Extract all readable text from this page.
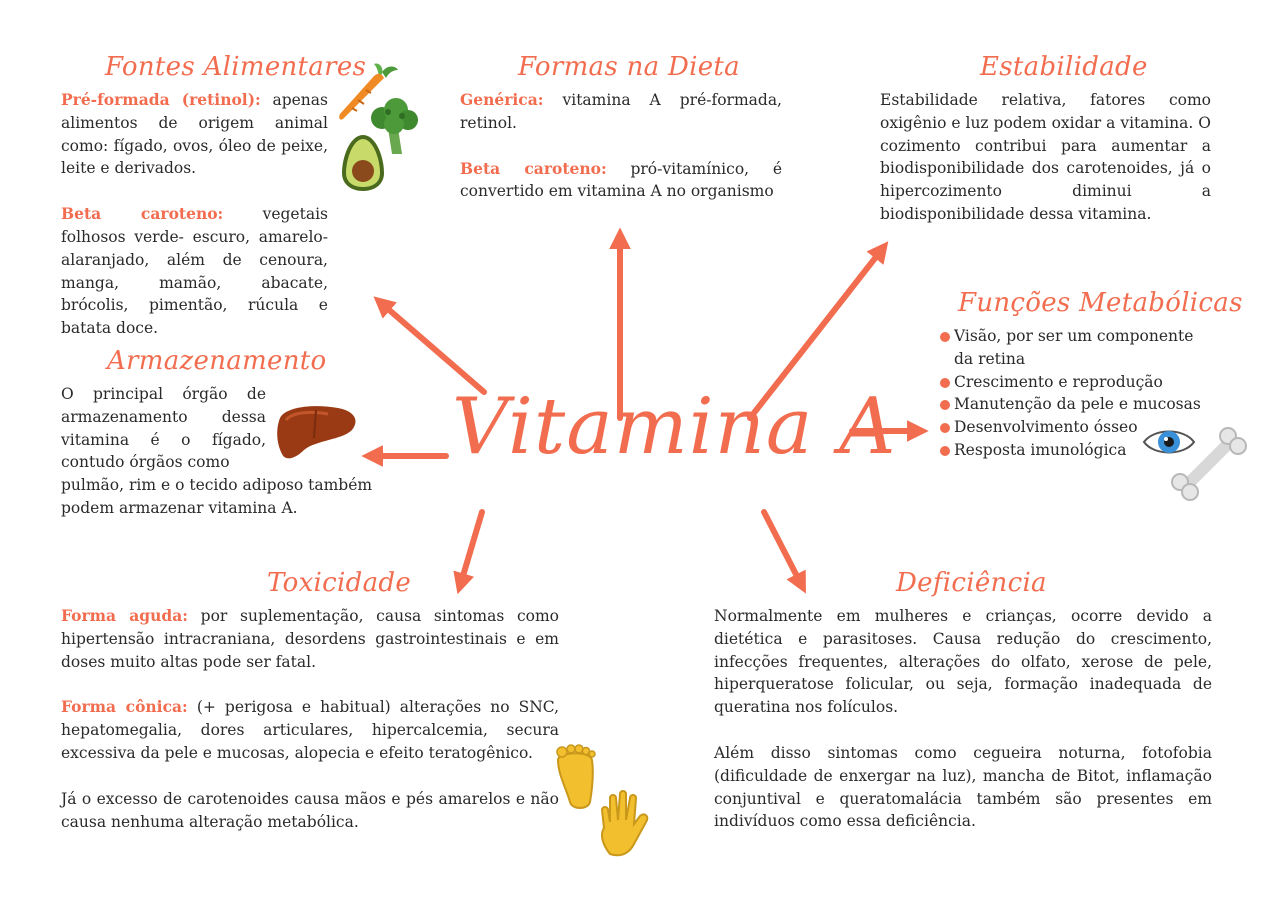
Vitamina A
Fontes Alimentares

Pré-formada (retinol): apenas alimentos de origem animal como: fígado, ovos, óleo de peixe, leite e derivados.

Beta caroteno: vegetais folhosos verde- escuro, amarelo-alaranjado, além de cenoura, manga, mamão, abacate, brócolis, pimentão, rúcula e batata doce.

Formas na Dieta

Genérica: vitamina A pré-formada, retinol.

Beta caroteno: pró-vitamínico, é convertido em vitamina A no organismo

Estabilidade

Estabilidade relativa, fatores como oxigênio e luz podem oxidar a vitamina. O cozimento contribui para aumentar a biodisponibilidade dos carotenoides, já o hipercozimento diminui a biodisponibilidade dessa vitamina.

Funções Metabólicas
Visão, por ser um componente da retina
Crescimento e reprodução
Manutenção da pele e mucosas
Desenvolvimento ósseo
Resposta imunológica
Armazenamento

O principal órgão de armazenamento dessa vitamina é o fígado, contudo órgãos como

pulmão, rim e o tecido adiposo também podem armazenar vitamina A.

Toxicidade

Forma aguda: por suplementação, causa sintomas como hipertensão intracraniana, desordens gastrointestinais e em doses muito altas pode ser fatal.

Forma cônica: (+ perigosa e habitual) alterações no SNC, hepatomegalia, dores articulares, hipercalcemia, secura excessiva da pele e mucosas, alopecia e efeito teratogênico.

Já o excesso de carotenoides causa mãos e pés amarelos e não causa nenhuma alteração metabólica.

Deficiência

Normalmente em mulheres e crianças, ocorre devido a dietética e parasitoses. Causa redução do crescimento, infecções frequentes, alterações do olfato, xerose de pele, hiperqueratose folicular, ou seja, formação inadequada de queratina nos folículos.

Além disso sintomas como cegueira noturna, fotofobia (dificuldade de enxergar na luz), mancha de Bitot, inflamação conjuntival e queratomalácia também são presentes em indivíduos como essa deficiência.
